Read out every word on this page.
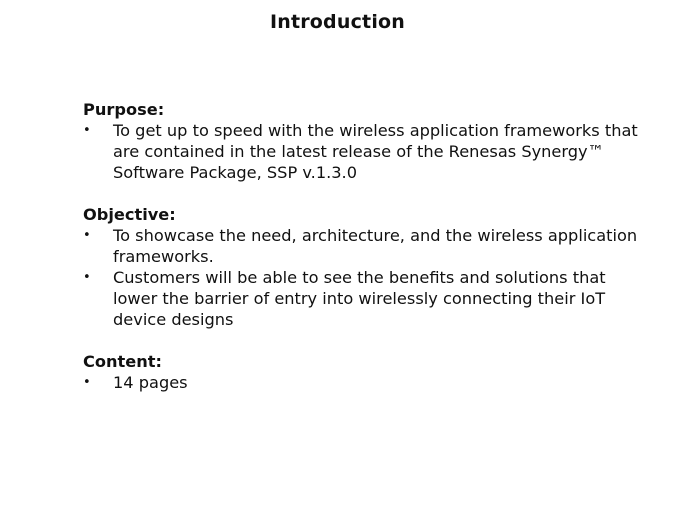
Introduction
Purpose:
• To get up to speed with the wireless application frameworks that are contained in the latest release of the Renesas Synergy™ Software Package, SSP v.1.3.0
Objective:
• To showcase the need, architecture, and the wireless application frameworks.
• Customers will be able to see the benefits and solutions that lower the barrier of entry into wirelessly connecting their IoT device designs
Content:
• 14 pages
